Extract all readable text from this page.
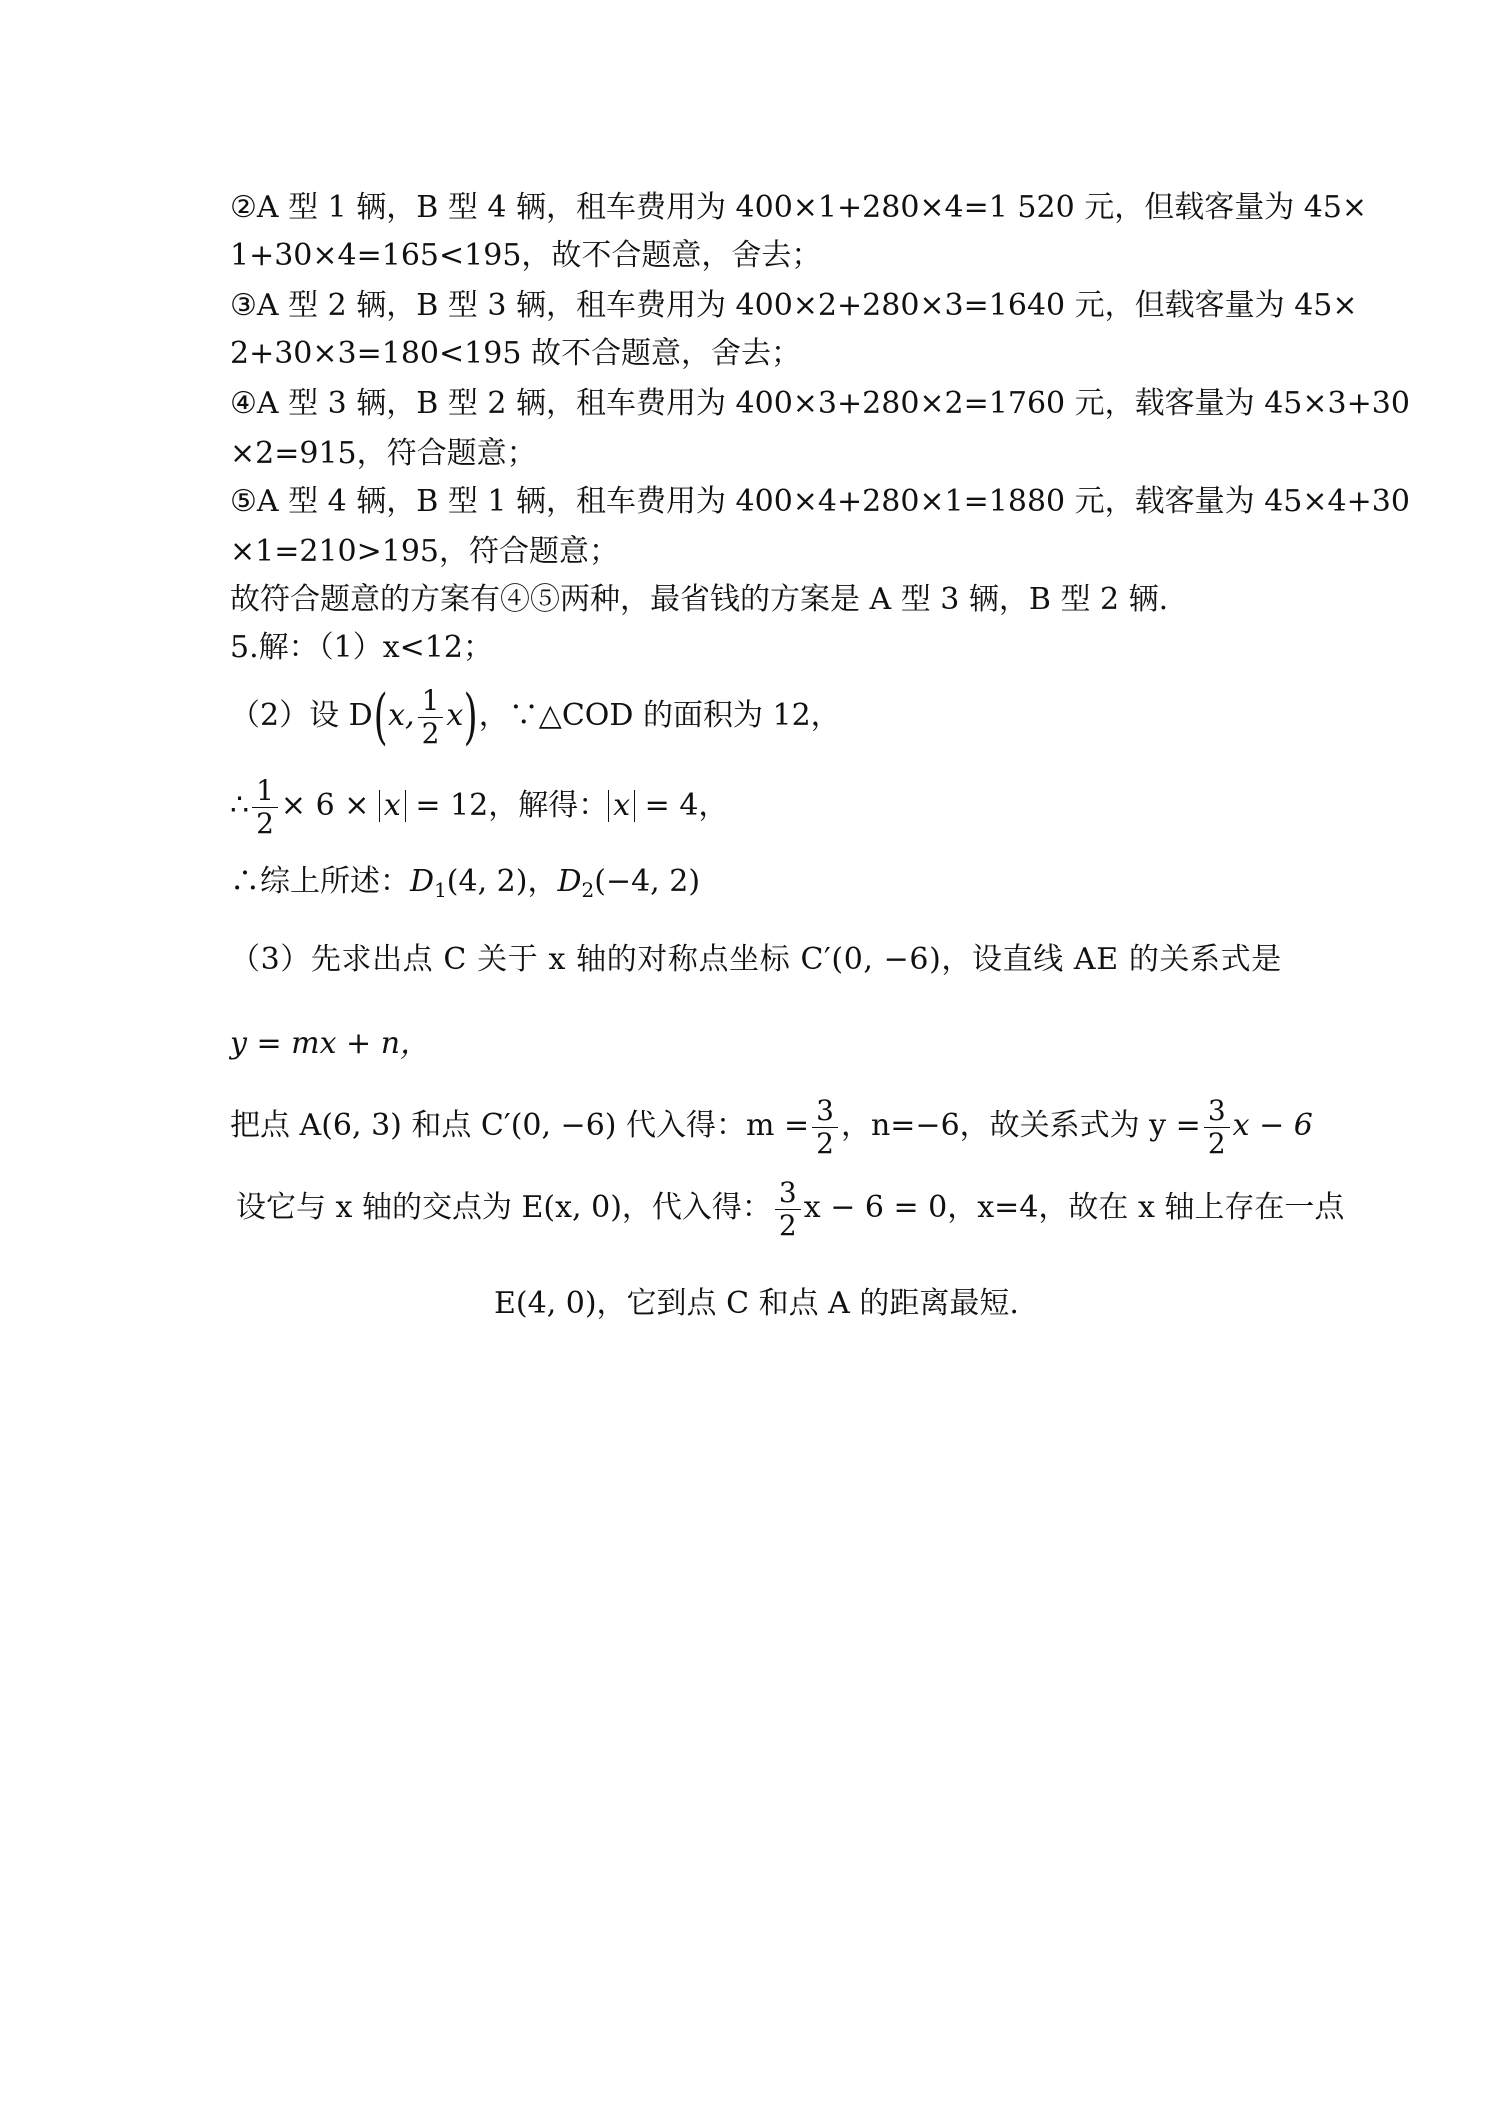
②A 型 1 辆，B 型 4 辆，租车费用为 400×1+280×4=1 520 元，但载客量为 45×
1+30×4=165<195，故不合题意，舍去；
③A 型 2 辆，B 型 3 辆，租车费用为 400×2+280×3=1640 元，但载客量为 45×
2+30×3=180<195 故不合题意，舍去；
④A 型 3 辆，B 型 2 辆，租车费用为 400×3+280×2=1760 元，载客量为 45×3+30
×2=915，符合题意；
⑤A 型 4 辆，B 型 1 辆，租车费用为 400×4+280×1=1880 元，载客量为 45×4+30
×1=210>195，符合题意；
故符合题意的方案有④⑤两种，最省钱的方案是 A 型 3 辆，B 型 2 辆.
5.解：（1）x<12；
（2）设 D(x, $\frac{1}{2} x$)，∵△COD 的面积为 12，
∴ $\frac{1}{2} \times 6 \times x = 12$，解得： x = 4，
∴综上所述：$D_1(4$, 2)，$D_2(-4$, 2)
（3）先求出点 C 关于 x 轴的对称点坐标 C′(0, −6)，设直线 AE 的关系式是
y = mx + n，
把点 A(6, 3) 和点 C′(0, −6) 代入得：$m = \frac{3}{2}$ ，n=−6，故关系式为 $y = \frac{3}{2}$ x − 6
设它与 x 轴的交点为 E(x, 0)，代入得： $\frac{3}{2}$ x − 6 = 0，x=4，故在 x 轴上存在一点
E(4, 0)，它到点 C 和点 A 的距离最短.
